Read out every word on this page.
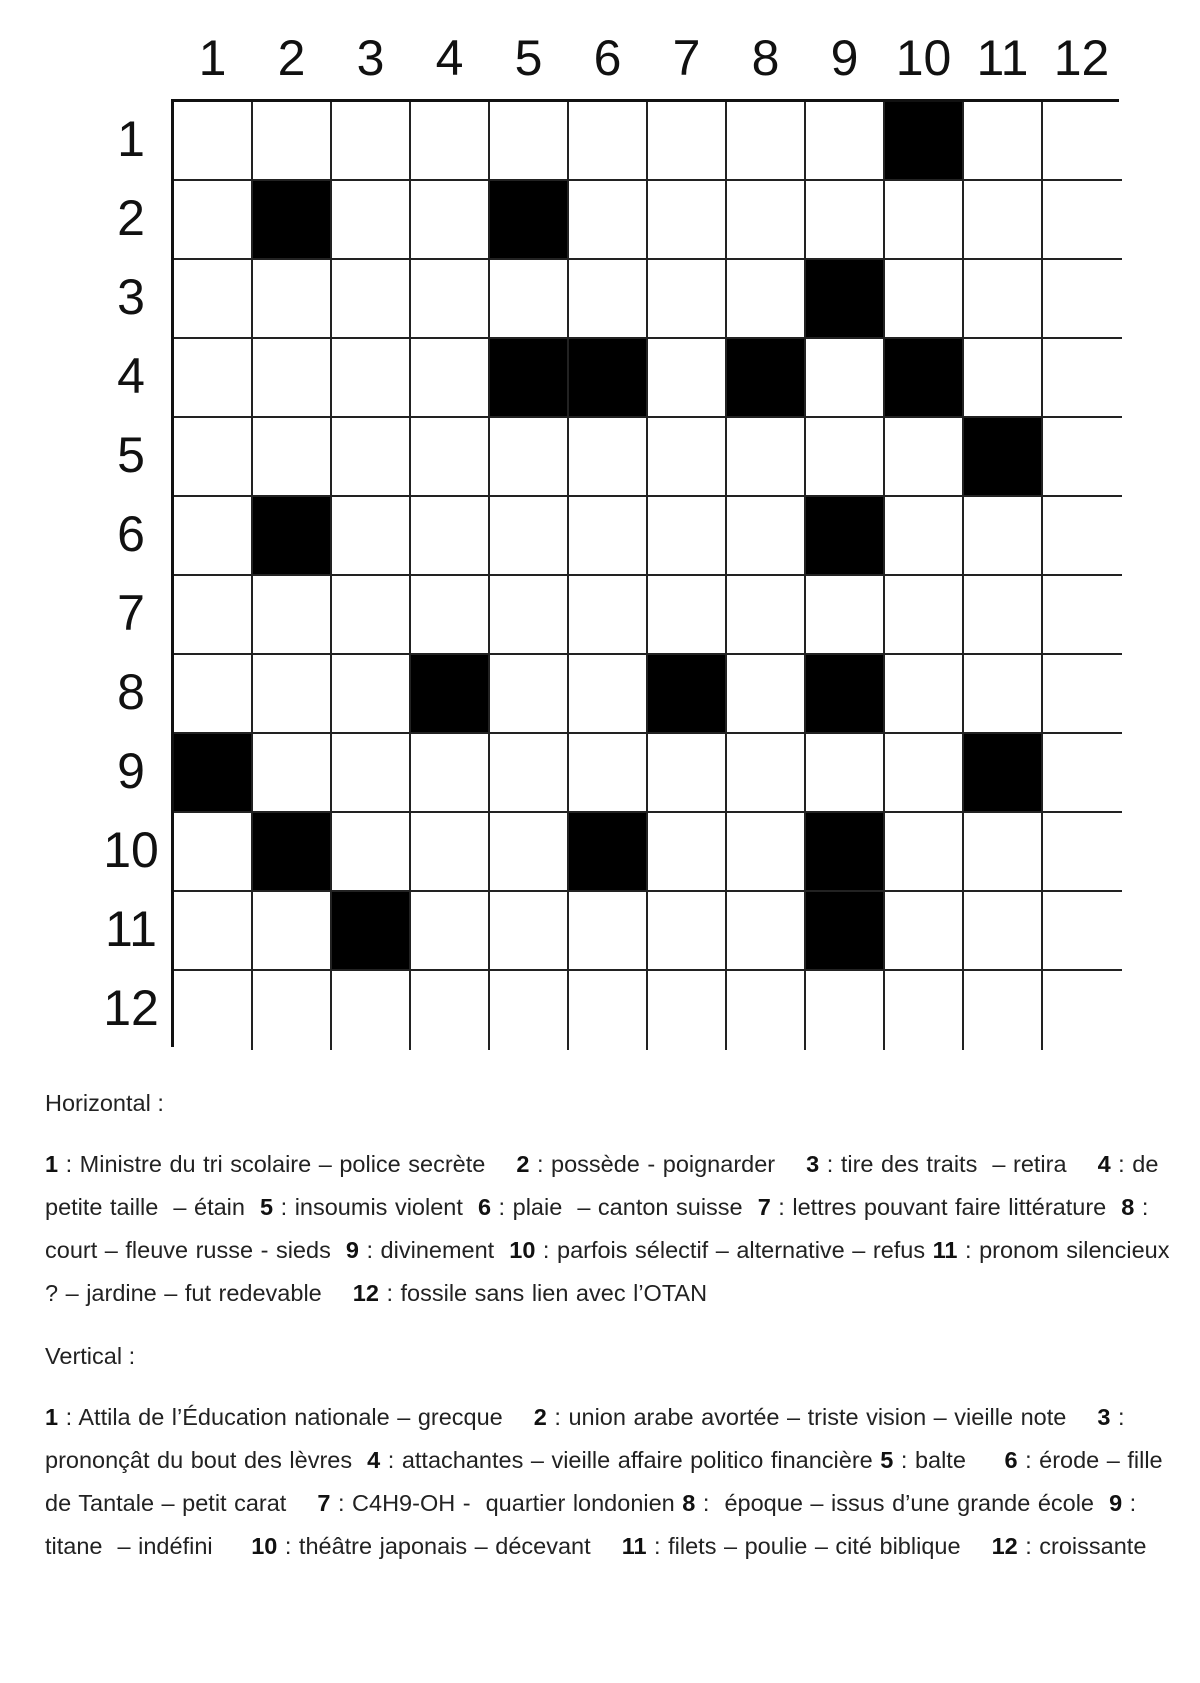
1	2	3	4	5	6	7	8	9 10 11 12
1
2
3
4
5
6
7
8
9
10
11
12
Horizontal :
1 : Ministre du tri scolaire – police secrète  2 : possède - poignarder  3 : tire des traits  – retira  4 : de petite taille  – étain  5 : insoumis violent  6 : plaie  – canton suisse  7 : lettres pouvant faire littérature  8 : court – fleuve russe - sieds  9 : divinement  10 : parfois sélectif – alternative – refus 11 : pronom silencieux ? – jardine – fut redevable  12 : fossile sans lien avec l’OTAN
Vertical :
1 : Attila de l’Éducation nationale – grecque  2 : union arabe avortée – triste vision – vieille note  3 : prononçât du bout des lèvres  4 : attachantes – vieille affaire politico financière 5 : balte   6 : érode – fille de Tantale – petit carat  7 : C4H9-OH -  quartier londonien 8 :  époque – issus d’une grande école  9 : titane  – indéfini   10 : théâtre japonais – décevant  11 : filets – poulie – cité biblique  12 : croissante
